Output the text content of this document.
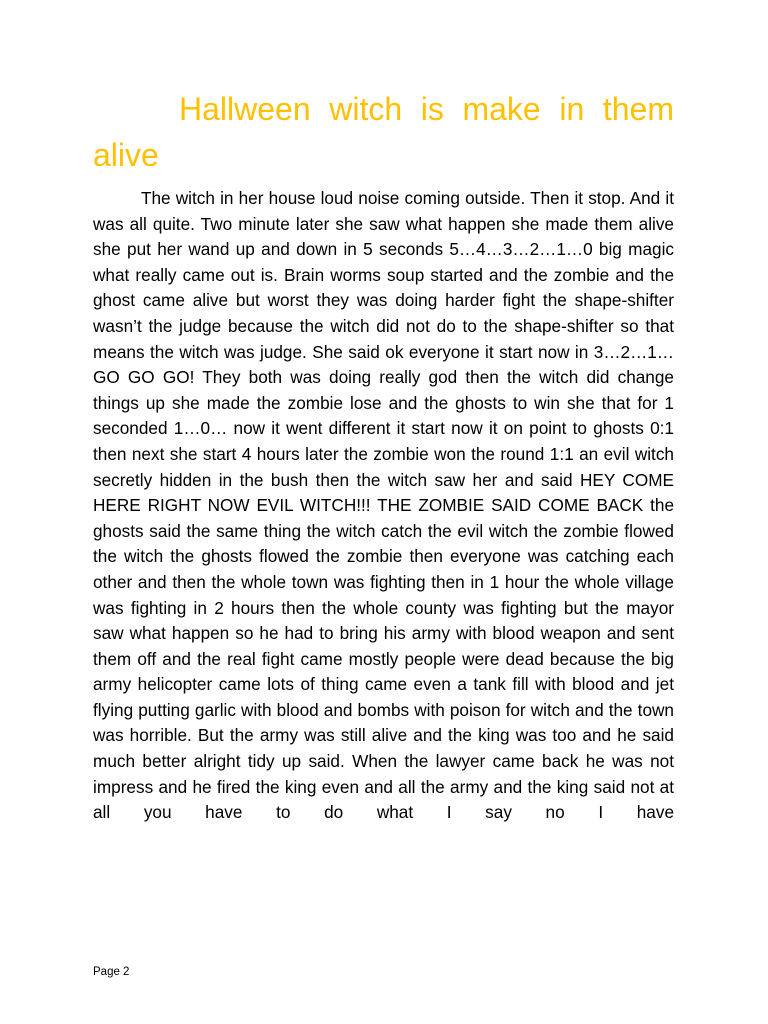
Hallween witch is make in them alive

The witch in her house loud noise coming outside. Then it stop. And it was all quite. Two minute later she saw what happen she made them alive she put her wand up and down in 5 seconds 5…4…3…2…1…0 big magic what really came out is. Brain worms soup started and the zombie and the ghost came alive but worst they was doing harder fight the shape-shifter wasn’t the judge because the witch did not do to the shape-shifter so that means the witch was judge. She said ok everyone it start now in 3…2…1… GO GO GO! They both was doing really god then the witch did change things up she made the zombie lose and the ghosts to win she that for 1 seconded 1…0… now it went different it start now it on point to ghosts 0:1 then next she start 4 hours later the zombie won the round 1:1 an evil witch secretly hidden in the bush then the witch saw her and said HEY COME HERE RIGHT NOW EVIL WITCH!!! THE ZOMBIE SAID COME BACK the ghosts said the same thing the witch catch the evil witch the zombie flowed the witch the ghosts flowed the zombie then everyone was catching each other and then the whole town was fighting then in 1 hour the whole village was fighting in 2 hours then the whole county was fighting but the mayor saw what happen so he had to bring his army with blood weapon and sent them off and the real fight came mostly people were dead because the big army helicopter came lots of thing came even a tank fill with blood and jet flying putting garlic with blood and bombs with poison for witch and the town was horrible. But the army was still alive and the king was too and he said much better alright tidy up said. When the lawyer came back he was not impress and he fired the king even and all the army and the king said not at all you have to do what I say no I have

Page 2
